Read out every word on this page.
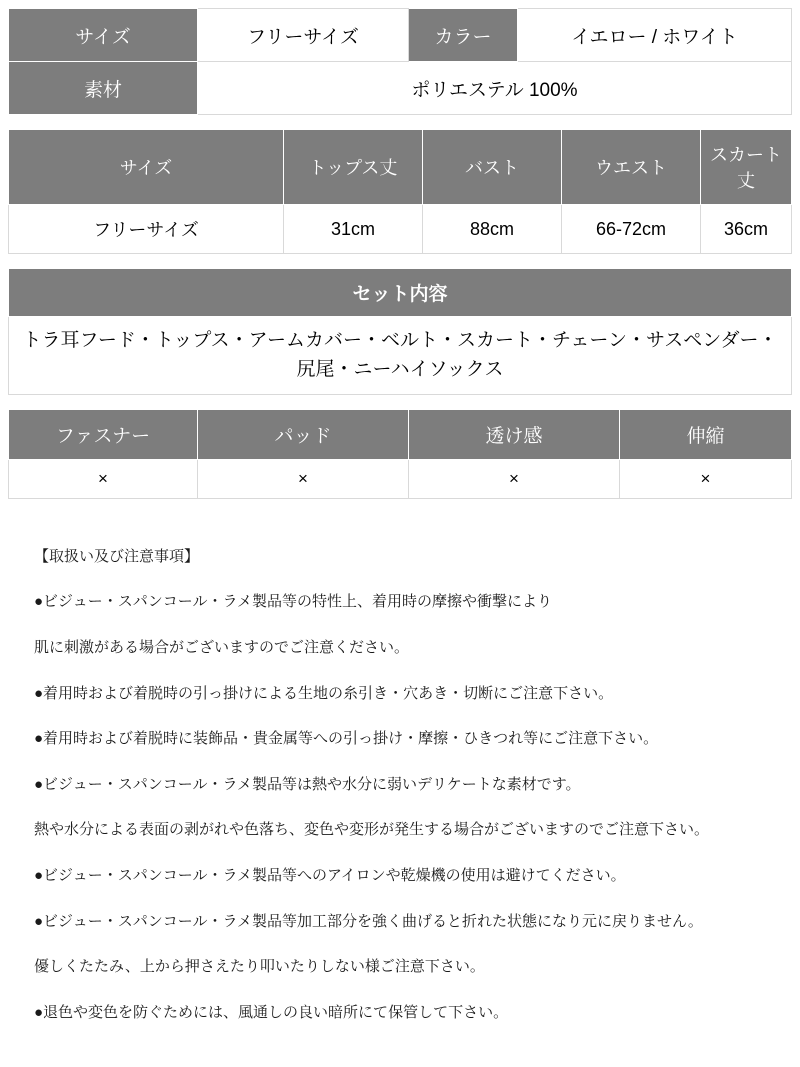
サイズ	フリーサイズ	カラー	イエロー / ホワイト
素材	ポリエステル 100%		
サイズ	トップス丈	バスト	ウエスト	スカート丈
フリーサイズ	31cm	88cm	66-72cm	36cm
セット内容
トラ耳フード・トップス・アームカバー・ベルト・スカート・チェーン・サスペンダー・尻尾・ニーハイソックス
ファスナー	パッド	透け感	伸縮
×	×	×	×

【取扱い及び注意事項】

●ビジュー・スパンコール・ラメ製品等の特性上、着用時の摩擦や衝撃により

肌に刺激がある場合がございますのでご注意ください。

●着用時および着脱時の引っ掛けによる生地の糸引き・穴あき・切断にご注意下さい。

●着用時および着脱時に装飾品・貴金属等への引っ掛け・摩擦・ひきつれ等にご注意下さい。

●ビジュー・スパンコール・ラメ製品等は熱や水分に弱いデリケートな素材です。

熱や水分による表面の剥がれや色落ち、変色や変形が発生する場合がございますのでご注意下さい。

●ビジュー・スパンコール・ラメ製品等へのアイロンや乾燥機の使用は避けてください。

●ビジュー・スパンコール・ラメ製品等加工部分を強く曲げると折れた状態になり元に戻りません。

優しくたたみ、上から押さえたり叩いたりしない様ご注意下さい。

●退色や変色を防ぐためには、風通しの良い暗所にて保管して下さい。
